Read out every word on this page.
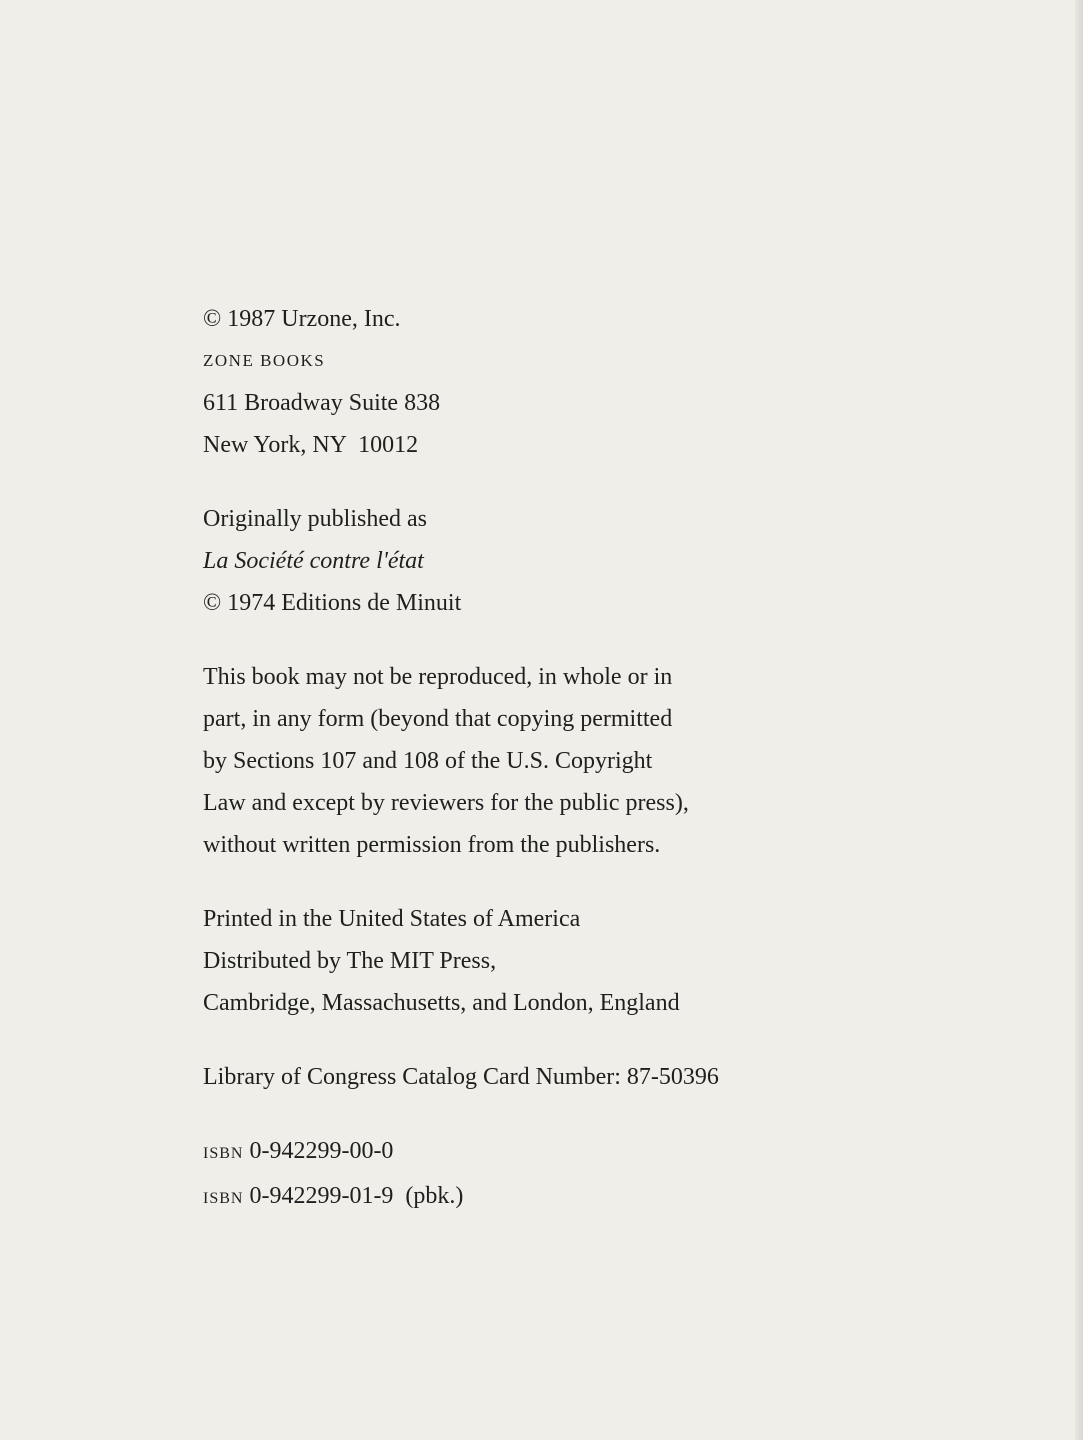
© 1987 Urzone, Inc.
ZONE BOOKS
611 Broadway Suite 838
New York, NY  10012
Originally published as
La Société contre l'état
© 1974 Editions de Minuit
This book may not be reproduced, in whole or in
part, in any form (beyond that copying permitted
by Sections 107 and 108 of the U.S. Copyright
Law and except by reviewers for the public press),
without written permission from the publishers.
Printed in the United States of America
Distributed by The MIT Press,
Cambridge, Massachusetts, and London, England
Library of Congress Catalog Card Number: 87-50396
ISBN 0-942299-00-0
ISBN 0-942299-01-9  (pbk.)
